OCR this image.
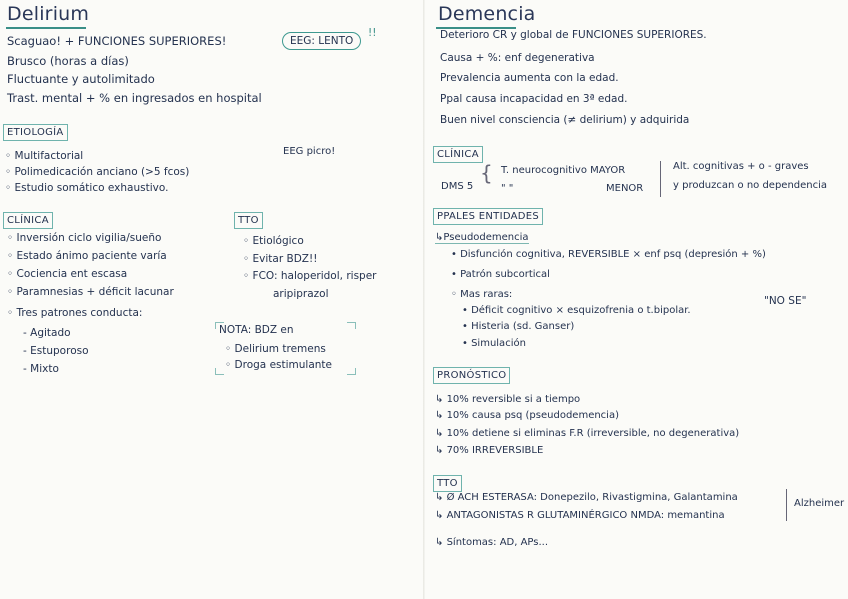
Delirium
Scaguao! + FUNCIONES SUPERIORES!
Brusco (horas a días)
Fluctuante y autolimitado
Trast. mental + % en ingresados en hospital
EEG: LENTO
!!
ETIOLOGÍA
◦ Multifactorial
◦ Polimedicación anciano (>5 fcos)
◦ Estudio somático exhaustivo.
EEG picro!
CLÍNICA
◦ Inversión ciclo vigilia/sueño
◦ Estado ánimo paciente varía
◦ Cociencia ent escasa
◦ Paramnesias + déficit lacunar
◦ Tres patrones conducta:
- Agitado
- Estuporoso
- Mixto
TTO
◦ Etiológico
◦ Evitar BDZ!!
◦ FCO: haloperidol, risper
aripiprazol
NOTA: BDZ en
◦ Delirium tremens
◦ Droga estimulante
Demencia
Deterioro CR y global de FUNCIONES SUPERIORES.
Causa + %: enf degenerativa
Prevalencia aumenta con la edad.
Ppal causa incapacidad en 3ª edad.
Buen nivel consciencia (≠ delirium) y adquirida
CLÍNICA
DMS 5
{ T. neurocognitivo MAYOR
" "	MENOR
Alt. cognitivas + o - graves
y produzcan o no dependencia
PPALES ENTIDADES
↳Pseudodemencia
• Disfunción cognitiva, REVERSIBLE × enf psq (depresión + %)
• Patrón subcortical
◦ Mas raras:
• Déficit cognitivo × esquizofrenia o t.bipolar.
• Histeria (sd. Ganser)
• Simulación
"NO SE"
PRONÓSTICO
↳ 10% reversible si a tiempo
↳ 10% causa psq (pseudodemencia)
↳ 10% detiene si eliminas F.R (irreversible, no degenerativa)
↳ 70% IRREVERSIBLE
TTO
↳ Ø ACH ESTERASA: Donepezilo, Rivastigmina, Galantamina
↳ ANTAGONISTAS R GLUTAMINÉRGICO NMDA: memantina
↳ Síntomas: AD, APs...
Alzheimer
